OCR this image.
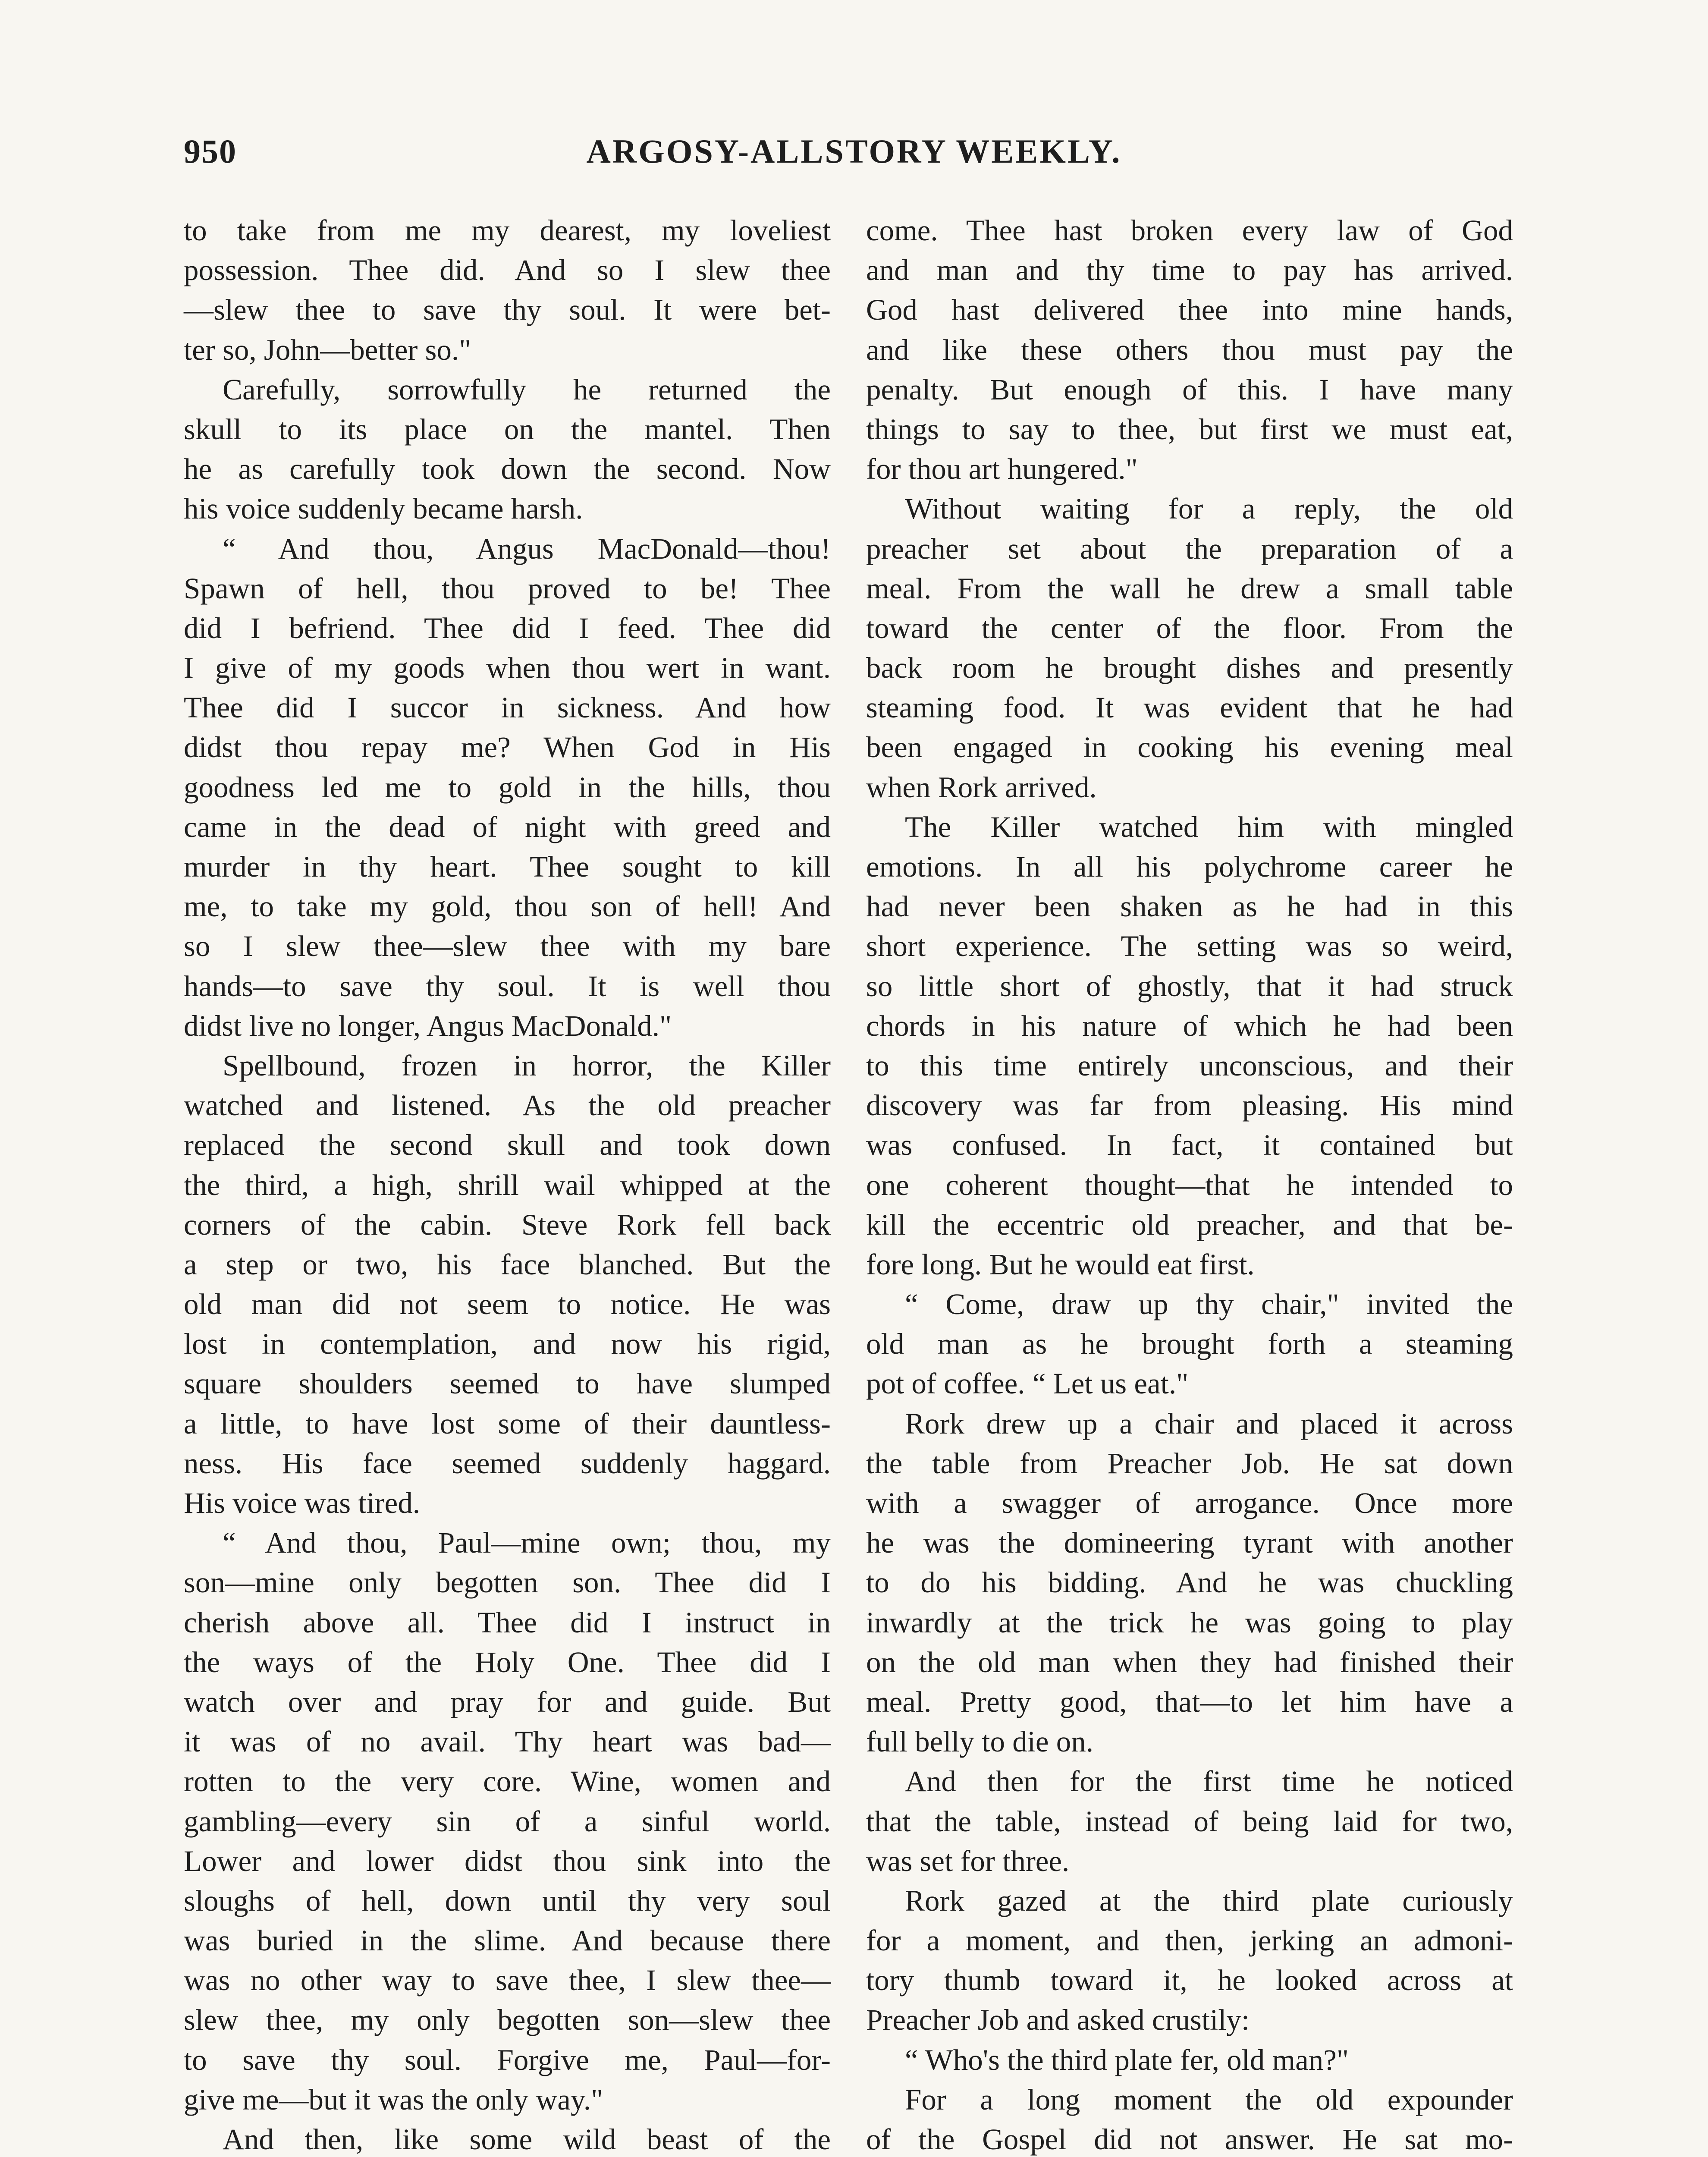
950	ARGOSY-ALLSTORY WEEKLY.
to take from me my dearest, my loveliest
possession. Thee did. And so I slew thee
—slew thee to save thy soul. It were bet-
ter so, John—better so."
Carefully, sorrowfully he returned the
skull to its place on the mantel. Then
he as carefully took down the second. Now
his voice suddenly became harsh.
“ And thou, Angus MacDonald—thou!
Spawn of hell, thou proved to be! Thee
did I befriend. Thee did I feed. Thee did
I give of my goods when thou wert in want.
Thee did I succor in sickness. And how
didst thou repay me? When God in His
goodness led me to gold in the hills, thou
came in the dead of night with greed and
murder in thy heart. Thee sought to kill
me, to take my gold, thou son of hell! And
so I slew thee—slew thee with my bare
hands—to save thy soul. It is well thou
didst live no longer, Angus MacDonald."
Spellbound, frozen in horror, the Killer
watched and listened. As the old preacher
replaced the second skull and took down
the third, a high, shrill wail whipped at the
corners of the cabin. Steve Rork fell back
a step or two, his face blanched. But the
old man did not seem to notice. He was
lost in contemplation, and now his rigid,
square shoulders seemed to have slumped
a little, to have lost some of their dauntless-
ness. His face seemed suddenly haggard.
His voice was tired.
“ And thou, Paul—mine own; thou, my
son—mine only begotten son. Thee did I
cherish above all. Thee did I instruct in
the ways of the Holy One. Thee did I
watch over and pray for and guide. But
it was of no avail. Thy heart was bad—
rotten to the very core. Wine, women and
gambling—every sin of a sinful world.
Lower and lower didst thou sink into the
sloughs of hell, down until thy very soul
was buried in the slime. And because there
was no other way to save thee, I slew thee—
slew thee, my only begotten son—slew thee
to save thy soul. Forgive me, Paul—for-
give me—but it was the only way."
And then, like some wild beast of the
come. Thee hast broken every law of God
and man and thy time to pay has arrived.
God hast delivered thee into mine hands,
and like these others thou must pay the
penalty. But enough of this. I have many
things to say to thee, but first we must eat,
for thou art hungered."
Without waiting for a reply, the old
preacher set about the preparation of a
meal. From the wall he drew a small table
toward the center of the floor. From the
back room he brought dishes and presently
steaming food. It was evident that he had
been engaged in cooking his evening meal
when Rork arrived.
The Killer watched him with mingled
emotions. In all his polychrome career he
had never been shaken as he had in this
short experience. The setting was so weird,
so little short of ghostly, that it had struck
chords in his nature of which he had been
to this time entirely unconscious, and their
discovery was far from pleasing. His mind
was confused. In fact, it contained but
one coherent thought—that he intended to
kill the eccentric old preacher, and that be-
fore long. But he would eat first.
“ Come, draw up thy chair," invited the
old man as he brought forth a steaming
pot of coffee. “ Let us eat."
Rork drew up a chair and placed it across
the table from Preacher Job. He sat down
with a swagger of arrogance. Once more
he was the domineering tyrant with another
to do his bidding. And he was chuckling
inwardly at the trick he was going to play
on the old man when they had finished their
meal. Pretty good, that—to let him have a
full belly to die on.
And then for the first time he noticed
that the table, instead of being laid for two,
was set for three.
Rork gazed at the third plate curiously
for a moment, and then, jerking an admoni-
tory thumb toward it, he looked across at
Preacher Job and asked crustily:
“ Who's the third plate fer, old man?"
For a long moment the old expounder
of the Gospel did not answer. He sat mo-
